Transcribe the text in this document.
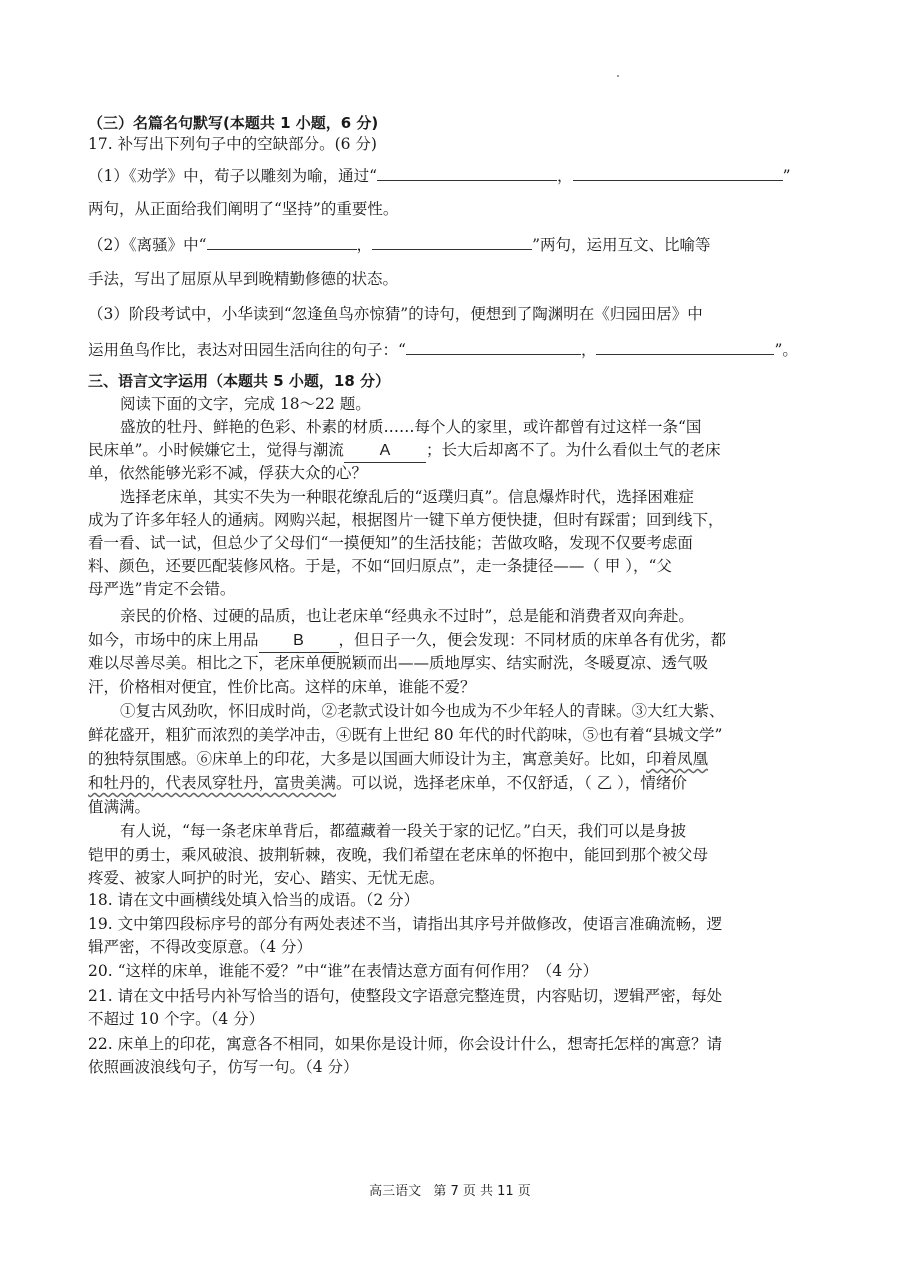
（三）名篇名句默写(本题共 1 小题，6 分)
17. 补写出下列句子中的空缺部分。(6 分)
（1）《劝学》中，荀子以雕刻为喻，通过“	，	”
两句，从正面给我们阐明了“坚持”的重要性。
（2）《离骚》中“	，	”两句，运用互文、比喻等
手法，写出了屈原从早到晚精勤修德的状态。
（3）阶段考试中，小华读到“忽逢鱼鸟亦惊猜”的诗句，便想到了陶渊明在《归园田居》中
运用鱼鸟作比，表达对田园生活向往的句子：“	，	”。
三、语言文字运用（本题共 5 小题，18 分）
阅读下面的文字，完成 18～22 题。
盛放的牡丹、鲜艳的色彩、朴素的材质……每个人的家里，或许都曾有过这样一条“国
民床单”。小时候嫌它土，觉得与潮流 A ；长大后却离不了。为什么看似土气的老床
单，依然能够光彩不减，俘获大众的心？
选择老床单，其实不失为一种眼花缭乱后的“返璞归真”。信息爆炸时代，选择困难症
成为了许多年轻人的通病。网购兴起，根据图片一键下单方便快捷，但时有踩雷；回到线下，
看一看、试一试，但总少了父母们“一摸便知”的生活技能；苦做攻略，发现不仅要考虑面
料、颜色，还要匹配装修风格。于是，不如“回归原点”，走一条捷径——（ 甲 ），“父
母严选”肯定不会错。
亲民的价格、过硬的品质，也让老床单“经典永不过时”，总是能和消费者双向奔赴。
如今，市场中的床上用品 B ，但日子一久，便会发现：不同材质的床单各有优劣，都
难以尽善尽美。相比之下，老床单便脱颖而出——质地厚实、结实耐洗，冬暖夏凉、透气吸
汗，价格相对便宜，性价比高。这样的床单，谁能不爱？
①复古风劲吹，怀旧成时尚，②老款式设计如今也成为不少年轻人的青睐。③大红大紫、
鲜花盛开，粗犷而浓烈的美学冲击，④既有上世纪 80 年代的时代韵味，⑤也有着“县城文学”
的独特氛围感。⑥床单上的印花，大多是以国画大师设计为主，寓意美好。比如，印着凤凰
和牡丹的，代表凤穿牡丹，富贵美满。可以说，选择老床单，不仅舒适，（ 乙 ），情绪价
值满满。
有人说，“每一条老床单背后，都蕴藏着一段关于家的记忆。”白天，我们可以是身披
铠甲的勇士，乘风破浪、披荆斩棘，夜晚，我们希望在老床单的怀抱中，能回到那个被父母
疼爱、被家人呵护的时光，安心、踏实、无忧无虑。
18. 请在文中画横线处填入恰当的成语。（2 分）
19. 文中第四段标序号的部分有两处表述不当，请指出其序号并做修改，使语言准确流畅，逻
辑严密，不得改变原意。（4 分）
20. “这样的床单，谁能不爱？”中“谁”在表情达意方面有何作用？（4 分）
21. 请在文中括号内补写恰当的语句，使整段文字语意完整连贯，内容贴切，逻辑严密，每处
不超过 10 个字。（4 分）
22. 床单上的印花，寓意各不相同，如果你是设计师，你会设计什么，想寄托怎样的寓意？请
依照画波浪线句子，仿写一句。（4 分）
高三语文 第 7 页 共 11 页
